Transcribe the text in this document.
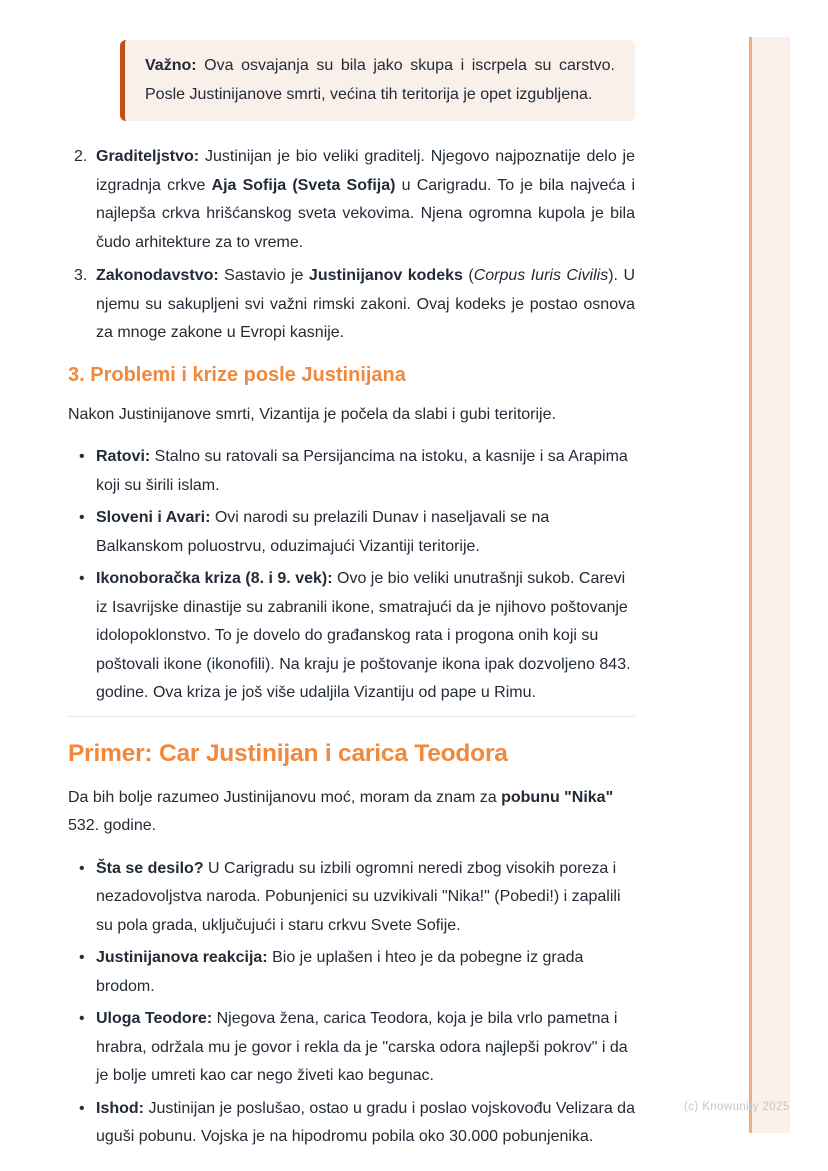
(c) Knowunity 2025

Važno: Ova osvajanja su bila jako skupa i iscrpela su carstvo. Posle Justinijanove smrti, većina tih teritorija je opet izgubljena.

2. Graditeljstvo: Justinijan je bio veliki graditelj. Njegovo najpoznatije delo je izgradnja crkve Aja Sofija (Sveta Sofija) u Carigradu. To je bila najveća i najlepša crkva hrišćanskog sveta vekovima. Njena ogromna kupola je bila čudo arhitekture za to vreme.
3. Zakonodavstvo: Sastavio je Justinijanov kodeks (Corpus Iuris Civilis). U njemu su sakupljeni svi važni rimski zakoni. Ovaj kodeks je postao osnova za mnoge zakone u Evropi kasnije.
3. Problemi i krize posle Justinijana

Nakon Justinijanove smrti, Vizantija je počela da slabi i gubi teritorije.

• Ratovi: Stalno su ratovali sa Persijancima na istoku, a kasnije i sa Arapima koji su širili islam.
• Sloveni i Avari: Ovi narodi su prelazili Dunav i naseljavali se na Balkanskom poluostrvu, oduzimajući Vizantiji teritorije.
• Ikonoboračka kriza (8. i 9. vek): Ovo je bio veliki unutrašnji sukob. Carevi iz Isavrijske dinastije su zabranili ikone, smatrajući da je njihovo poštovanje idolopoklonstvo. To je dovelo do građanskog rata i progona onih koji su poštovali ikone (ikonofili). Na kraju je poštovanje ikona ipak dozvoljeno 843. godine. Ova kriza je još više udaljila Vizantiju od pape u Rimu.
Primer: Car Justinijan i carica Teodora

Da bih bolje razumeo Justinijanovu moć, moram da znam za pobunu "Nika" 532. godine.

• Šta se desilo? U Carigradu su izbili ogromni neredi zbog visokih poreza i nezadovoljstva naroda. Pobunjenici su uzvikivali "Nika!" (Pobedi!) i zapalili su pola grada, uključujući i staru crkvu Svete Sofije.
• Justinijanova reakcija: Bio je uplašen i hteo je da pobegne iz grada brodom.
• Uloga Teodore: Njegova žena, carica Teodora, koja je bila vrlo pametna i hrabra, održala mu je govor i rekla da je "carska odora najlepši pokrov" i da je bolje umreti kao car nego živeti kao begunac.
• Ishod: Justinijan je poslušao, ostao u gradu i poslao vojskovođu Velizara da uguši pobunu. Vojska je na hipodromu pobila oko 30.000 pobunjenika.
